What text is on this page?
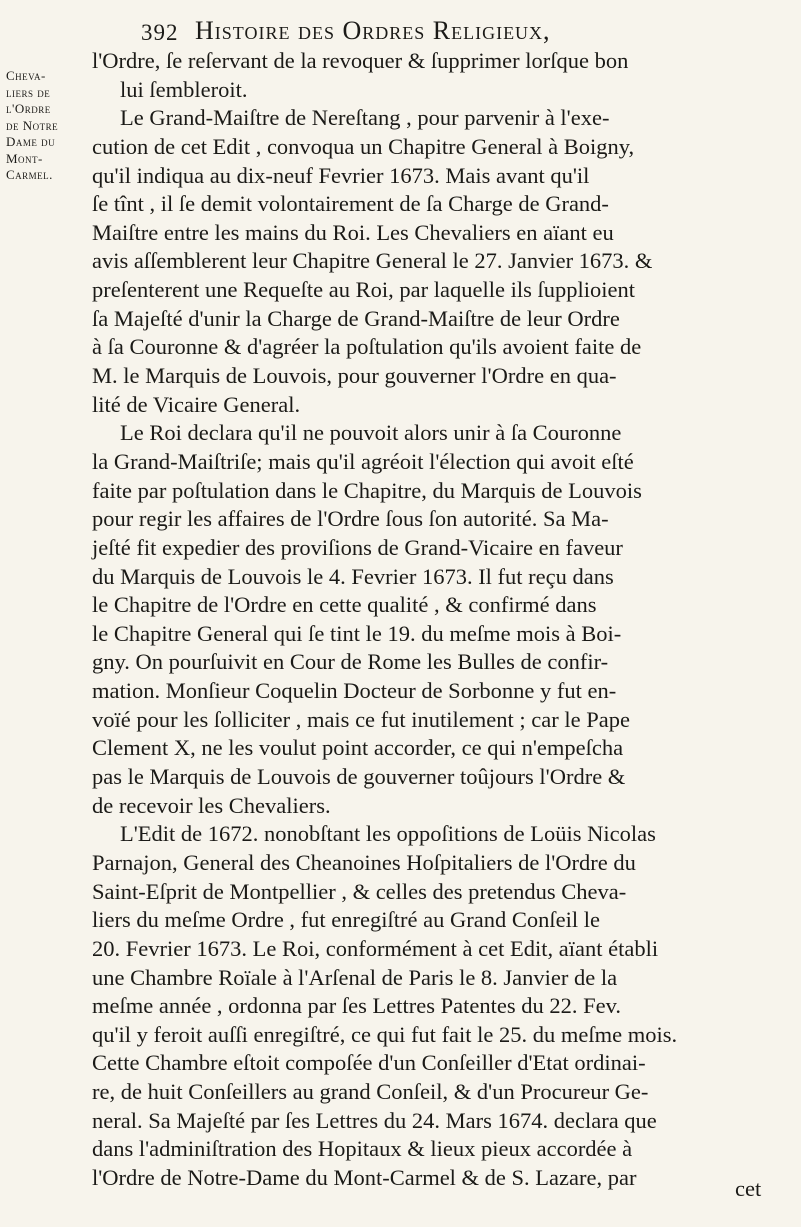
392 Histoire des Ordres Religieux,
Cheva-
liers de
l'Ordre
de Notre
Dame du
Mont-
Carmel.
l'Ordre, ſe reſervant de la revoquer & ſupprimer lorſque bon
lui ſembleroit.
Le Grand-Maiſtre de Nereſtang , pour parvenir à l'exe-
cution de cet Edit , convoqua un Chapitre General à Boigny,
qu'il indiqua au dix-neuf Fevrier 1673. Mais avant qu'il
ſe tînt , il ſe demit volontairement de ſa Charge de Grand-
Maiſtre entre les mains du Roi. Les Chevaliers en aïant eu
avis aſſemblerent leur Chapitre General le 27. Janvier 1673. &
preſenterent une Requeſte au Roi, par laquelle ils ſupplioient
ſa Majeſté d'unir la Charge de Grand-Maiſtre de leur Ordre
à ſa Couronne & d'agréer la poſtulation qu'ils avoient faite de
M. le Marquis de Louvois, pour gouverner l'Ordre en qua-
lité de Vicaire General.
Le Roi declara qu'il ne pouvoit alors unir à ſa Couronne
la Grand-Maiſtriſe; mais qu'il agréoit l'élection qui avoit eſté
faite par poſtulation dans le Chapitre, du Marquis de Louvois
pour regir les affaires de l'Ordre ſous ſon autorité. Sa Ma-
jeſté fit expedier des proviſions de Grand-Vicaire en faveur
du Marquis de Louvois le 4. Fevrier 1673. Il fut reçu dans
le Chapitre de l'Ordre en cette qualité , & confirmé dans
le Chapitre General qui ſe tint le 19. du meſme mois à Boi-
gny. On pourſuivit en Cour de Rome les Bulles de confir-
mation. Monſieur Coquelin Docteur de Sorbonne y fut en-
voïé pour les ſolliciter , mais ce fut inutilement ; car le Pape
Clement X, ne les voulut point accorder, ce qui n'empeſcha
pas le Marquis de Louvois de gouverner toûjours l'Ordre &
de recevoir les Chevaliers.
L'Edit de 1672. nonobſtant les oppoſitions de Loüis Nicolas
Parnajon, General des Cheanoines Hoſpitaliers de l'Ordre du
Saint-Eſprit de Montpellier , & celles des pretendus Cheva-
liers du meſme Ordre , fut enregiſtré au Grand Conſeil le
20. Fevrier 1673. Le Roi, conformément à cet Edit, aïant établi
une Chambre Roïale à l'Arſenal de Paris le 8. Janvier de la
meſme année , ordonna par ſes Lettres Patentes du 22. Fev.
qu'il y feroit auſſi enregiſtré, ce qui fut fait le 25. du meſme mois.
Cette Chambre eſtoit compoſée d'un Conſeiller d'Etat ordinai-
re, de huit Conſeillers au grand Conſeil, & d'un Procureur Ge-
neral. Sa Majeſté par ſes Lettres du 24. Mars 1674. declara que
dans l'adminiſtration des Hopitaux & lieux pieux accordée à
l'Ordre de Notre-Dame du Mont-Carmel & de S. Lazare, par	cet
